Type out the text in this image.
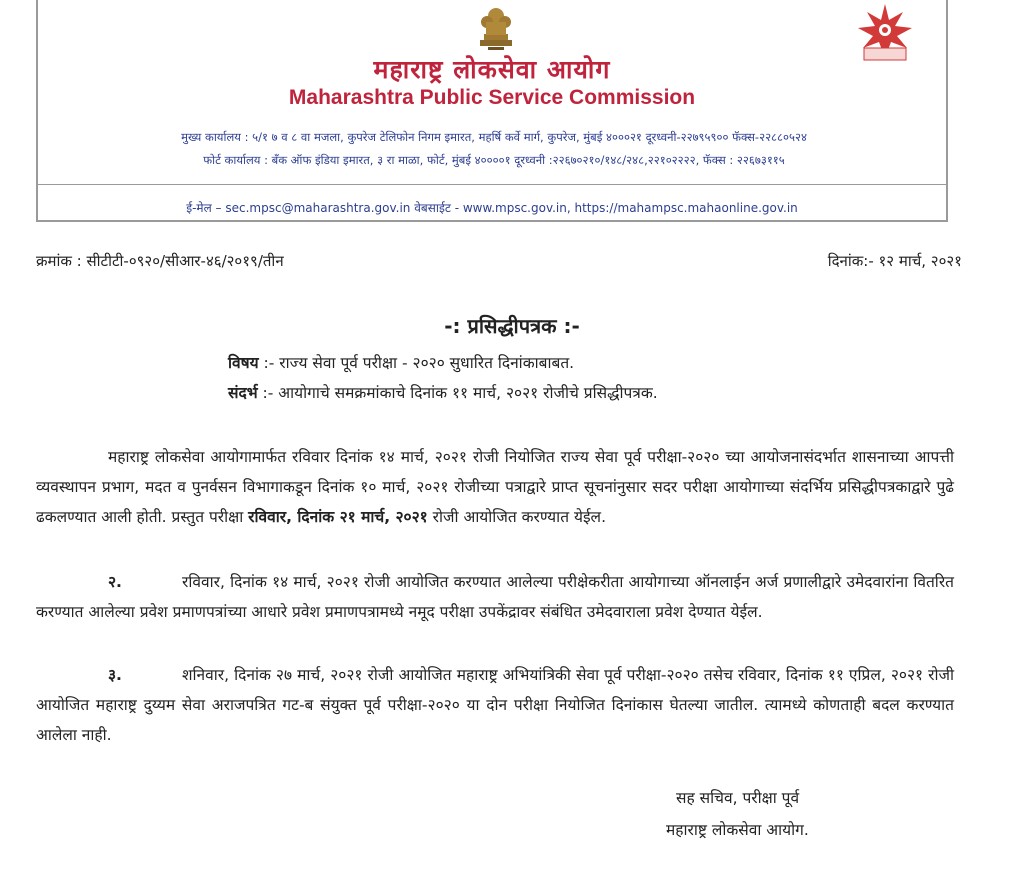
महाराष्ट्र लोकसेवा आयोग
Maharashtra Public Service Commission
मुख्य कार्यालय : ५/१ ७ व ८ वा मजला, कुपरेज टेलिफोन निगम इमारत, महर्षि कर्वे मार्ग, कुपरेज, मुंबई ४०००२१ दूरध्वनी-२२७९५९०० फॅक्स-२२८८०५२४
फोर्ट कार्यालय : बँक ऑफ इंडिया इमारत, ३ रा माळा, फोर्ट, मुंबई ४००००१ दूरध्वनी :२२६७०२१०/१४८/२४८,२२१०२२२२, फॅक्स : २२६७३११५
ई-मेल – sec.mpsc@maharashtra.gov.in वेबसाईट - www.mpsc.gov.in, https://mahampsc.mahaonline.gov.in
क्रमांक : सीटीटी-०९२०/सीआर-४६/२०१९/तीन	दिनांक:- १२ मार्च, २०२१
-: प्रसिद्धीपत्रक :-
विषय :- राज्य सेवा पूर्व परीक्षा - २०२० सुधारित दिनांकाबाबत.
संदर्भ :- आयोगाचे समक्रमांकाचे दिनांक ११ मार्च, २०२१ रोजीचे प्रसिद्धीपत्रक.
महाराष्ट्र लोकसेवा आयोगामार्फत रविवार दिनांक १४ मार्च, २०२१ रोजी नियोजित राज्य सेवा पूर्व परीक्षा-२०२० च्या आयोजनासंदर्भात शासनाच्या आपत्ती व्यवस्थापन प्रभाग, मदत व पुनर्वसन विभागाकडून दिनांक १० मार्च, २०२१ रोजीच्या पत्राद्वारे प्राप्त सूचनांनुसार सदर परीक्षा आयोगाच्या संदर्भिय प्रसिद्धीपत्रकाद्वारे पुढे ढकलण्यात आली होती. प्रस्तुत परीक्षा रविवार, दिनांक २१ मार्च, २०२१ रोजी आयोजित करण्यात येईल.
२.	रविवार, दिनांक १४ मार्च, २०२१ रोजी आयोजित करण्यात आलेल्या परीक्षेकरीता आयोगाच्या ऑनलाईन अर्ज प्रणालीद्वारे उमेदवारांना वितरित करण्यात आलेल्या प्रवेश प्रमाणपत्रांच्या आधारे प्रवेश प्रमाणपत्रामध्ये नमूद परीक्षा उपकेंद्रावर संबंधित उमेदवाराला प्रवेश देण्यात येईल.
३.	शनिवार, दिनांक २७ मार्च, २०२१ रोजी आयोजित महाराष्ट्र अभियांत्रिकी सेवा पूर्व परीक्षा-२०२० तसेच रविवार, दिनांक ११ एप्रिल, २०२१ रोजी आयोजित महाराष्ट्र दुय्यम सेवा अराजपत्रित गट-ब संयुक्त पूर्व परीक्षा-२०२० या दोन परीक्षा नियोजित दिनांकास घेतल्या जातील. त्यामध्ये कोणताही बदल करण्यात आलेला नाही.
सह सचिव, परीक्षा पूर्व
महाराष्ट्र लोकसेवा आयोग.
